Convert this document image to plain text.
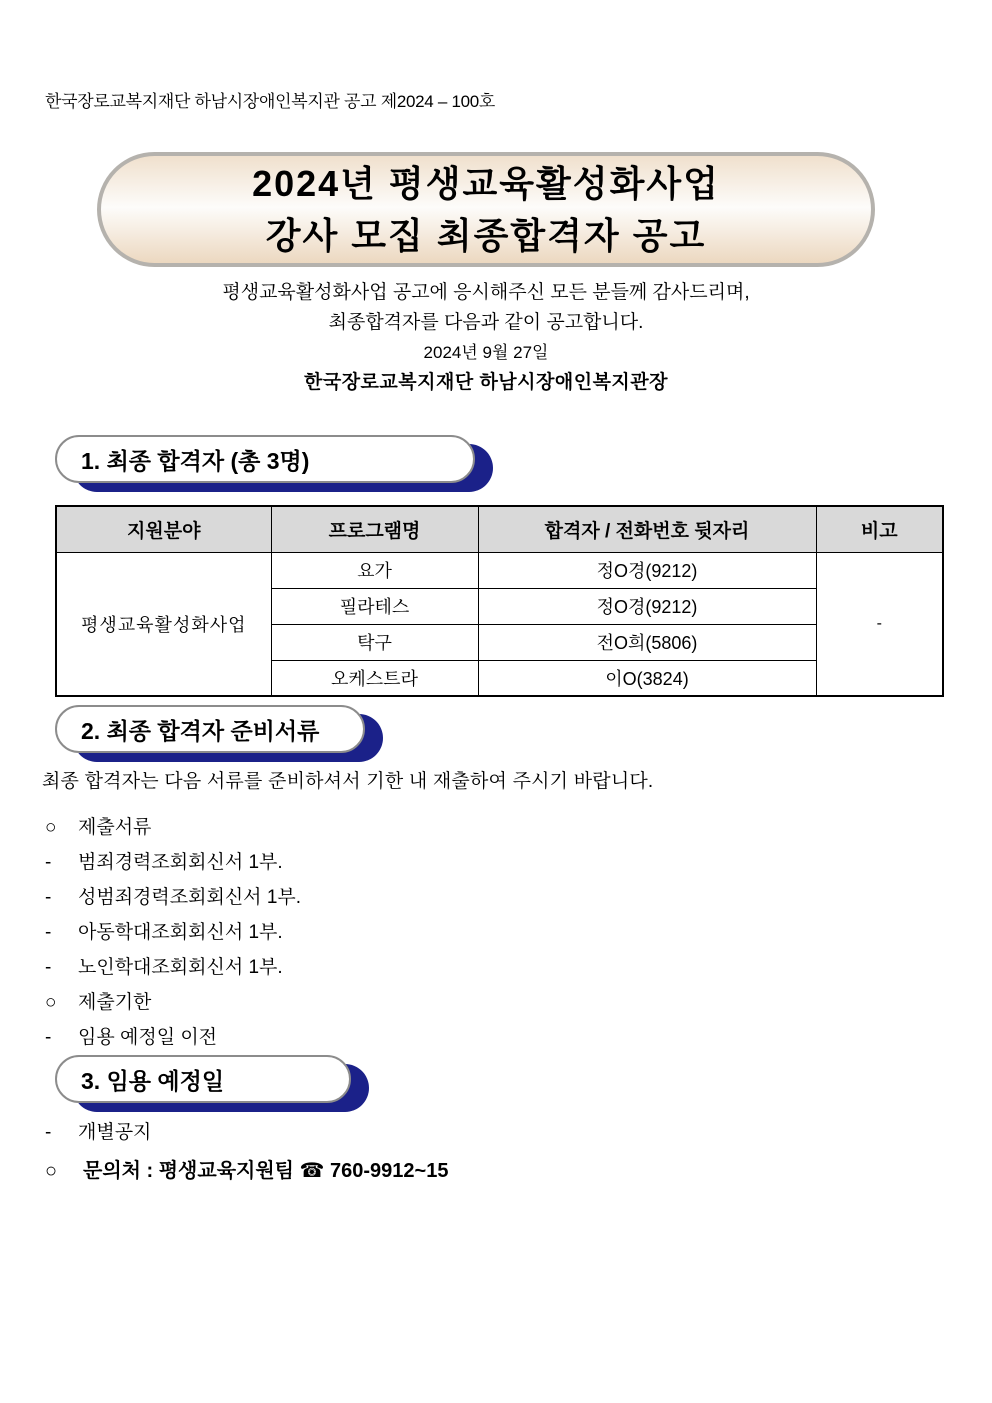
한국장로교복지재단 하남시장애인복지관 공고 제2024 – 100호
2024년 평생교육활성화사업
강사 모집 최종합격자 공고
평생교육활성화사업 공고에 응시해주신 모든 분들께 감사드리며,
최종합격자를 다음과 같이 공고합니다.
2024년 9월 27일
한국장로교복지재단 하남시장애인복지관장
1. 최종 합격자 (총 3명)
지원분야	프로그램명	합격자 / 전화번호 뒷자리	비고
평생교육활성화사업	요가	정O경(9212)	-
	필라테스	정O경(9212)	
	탁구	전O희(5806)	
	오케스트라	이O(3824)	
2. 최종 합격자 준비서류
최종 합격자는 다음 서류를 준비하셔서 기한 내 재출하여 주시기 바랍니다.
○	제출서류
-	범죄경력조회회신서 1부.
-	성범죄경력조회회신서 1부.
-	아동학대조회회신서 1부.
-	노인학대조회회신서 1부.
○	제출기한
-	임용 예정일 이전
3. 임용 예정일
-	개별공지
○	문의처 : 평생교육지원팀 ☎ 760-9912~15
